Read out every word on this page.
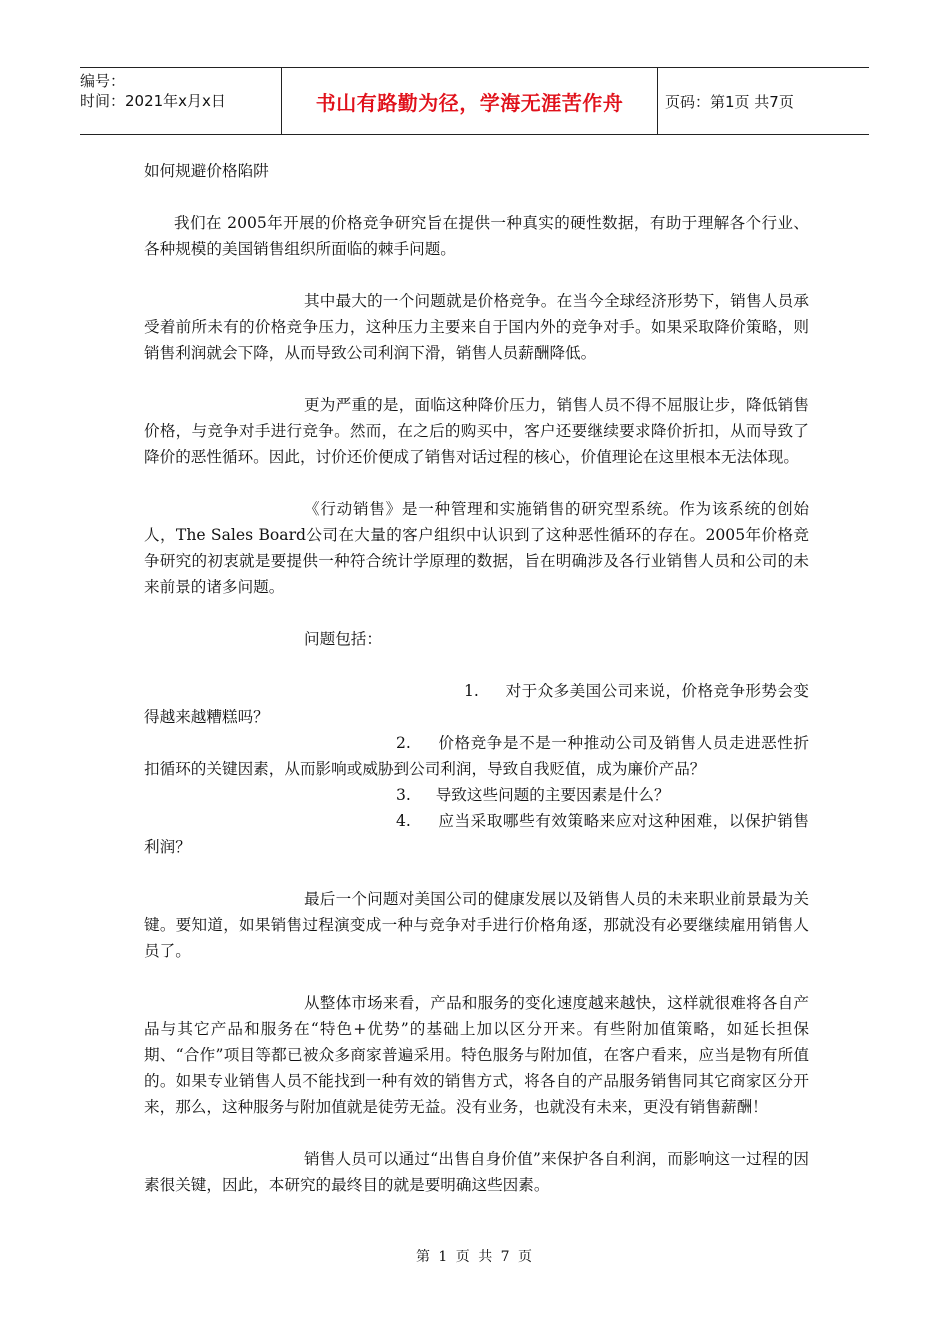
编号：
时间：2021年x月x日	书山有路勤为径，学海无涯苦作舟	页码：第1页 共7页

如何规避价格陷阱

我们在 2005年开展的价格竞争研究旨在提供一种真实的硬性数据，有助于理解各个行业、各种规模的美国销售组织所面临的棘手问题。

其中最大的一个问题就是价格竞争。在当今全球经济形势下，销售人员承受着前所未有的价格竞争压力，这种压力主要来自于国内外的竞争对手。如果采取降价策略，则销售利润就会下降，从而导致公司利润下滑，销售人员薪酬降低。

更为严重的是，面临这种降价压力，销售人员不得不屈服让步，降低销售价格，与竞争对手进行竞争。然而，在之后的购买中，客户还要继续要求降价折扣，从而导致了降价的恶性循环。因此，讨价还价便成了销售对话过程的核心，价值理论在这里根本无法体现。

《行动销售》是一种管理和实施销售的研究型系统。作为该系统的创始人，The Sales Board公司在大量的客户组织中认识到了这种恶性循环的存在。2005年价格竞争研究的初衷就是要提供一种符合统计学原理的数据，旨在明确涉及各行业销售人员和公司的未来前景的诸多问题。

问题包括：

1. 对于众多美国公司来说，价格竞争形势会变得越来越糟糕吗？

2. 价格竞争是不是一种推动公司及销售人员走进恶性折扣循环的关键因素，从而影响或威胁到公司利润，导致自我贬值，成为廉价产品？

3. 导致这些问题的主要因素是什么？

4. 应当采取哪些有效策略来应对这种困难，以保护销售利润？

最后一个问题对美国公司的健康发展以及销售人员的未来职业前景最为关键。要知道，如果销售过程演变成一种与竞争对手进行价格角逐，那就没有必要继续雇用销售人员了。

从整体市场来看，产品和服务的变化速度越来越快，这样就很难将各自产品与其它产品和服务在“特色+优势”的基础上加以区分开来。有些附加值策略，如延长担保期、“合作”项目等都已被众多商家普遍采用。特色服务与附加值，在客户看来，应当是物有所值的。如果专业销售人员不能找到一种有效的销售方式，将各自的产品服务销售同其它商家区分开来，那么，这种服务与附加值就是徒劳无益。没有业务，也就没有未来，更没有销售薪酬！

销售人员可以通过“出售自身价值”来保护各自利润，而影响这一过程的因素很关键，因此，本研究的最终目的就是要明确这些因素。

第 1 页 共 7 页
